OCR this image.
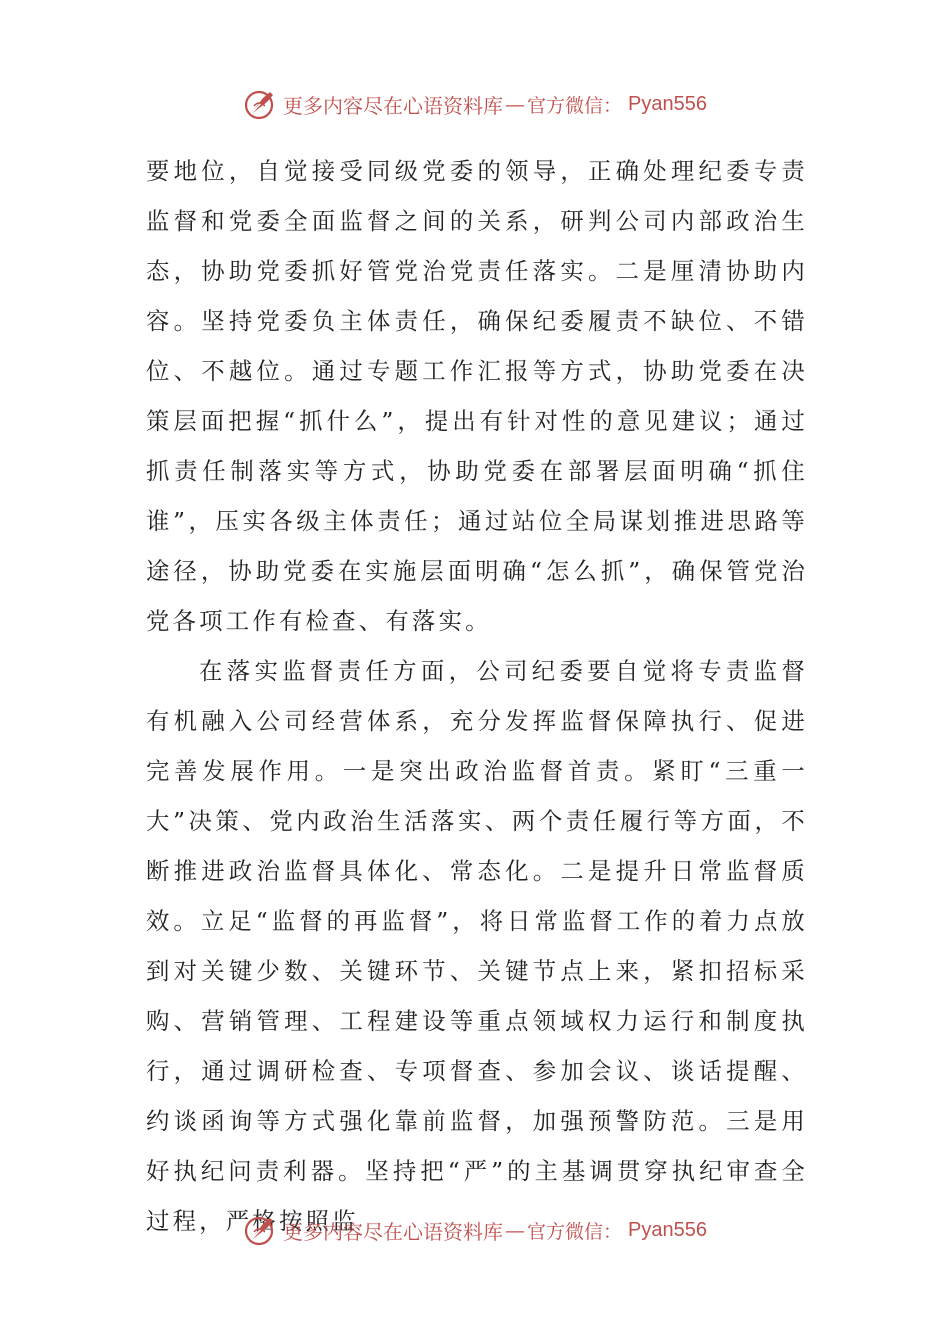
更多内容尽在心语资料库 — 官方微信： Pyan556

要地位，自觉接受同级党委的领导，正确处理纪委专责监督和党委全面监督之间的关系，研判公司内部政治生态，协助党委抓好管党治党责任落实。二是厘清协助内容。坚持党委负主体责任，确保纪委履责不缺位、不错位、不越位。通过专题工作汇报等方式，协助党委在决策层面把握“抓什么”，提出有针对性的意见建议；通过抓责任制落实等方式，协助党委在部署层面明确“抓住谁”，压实各级主体责任；通过站位全局谋划推进思路等途径，协助党委在实施层面明确“怎么抓”，确保管党治党各项工作有检查、有落实。

在落实监督责任方面，公司纪委要自觉将专责监督有机融入公司经营体系，充分发挥监督保障执行、促进完善发展作用。一是突出政治监督首责。紧盯“三重一大”决策、党内政治生活落实、两个责任履行等方面，不断推进政治监督具体化、常态化。二是提升日常监督质效。立足“监督的再监督”，将日常监督工作的着力点放到对关键少数、关键环节、关键节点上来，紧扣招标采购、营销管理、工程建设等重点领域权力运行和制度执行，通过调研检查、专项督查、参加会议、谈话提醒、约谈函询等方式强化靠前监督，加强预警防范。三是用好执纪问责利器。坚持把“严”的主基调贯穿执纪审查全过程，严格按照监

更多内容尽在心语资料库 — 官方微信： Pyan556
